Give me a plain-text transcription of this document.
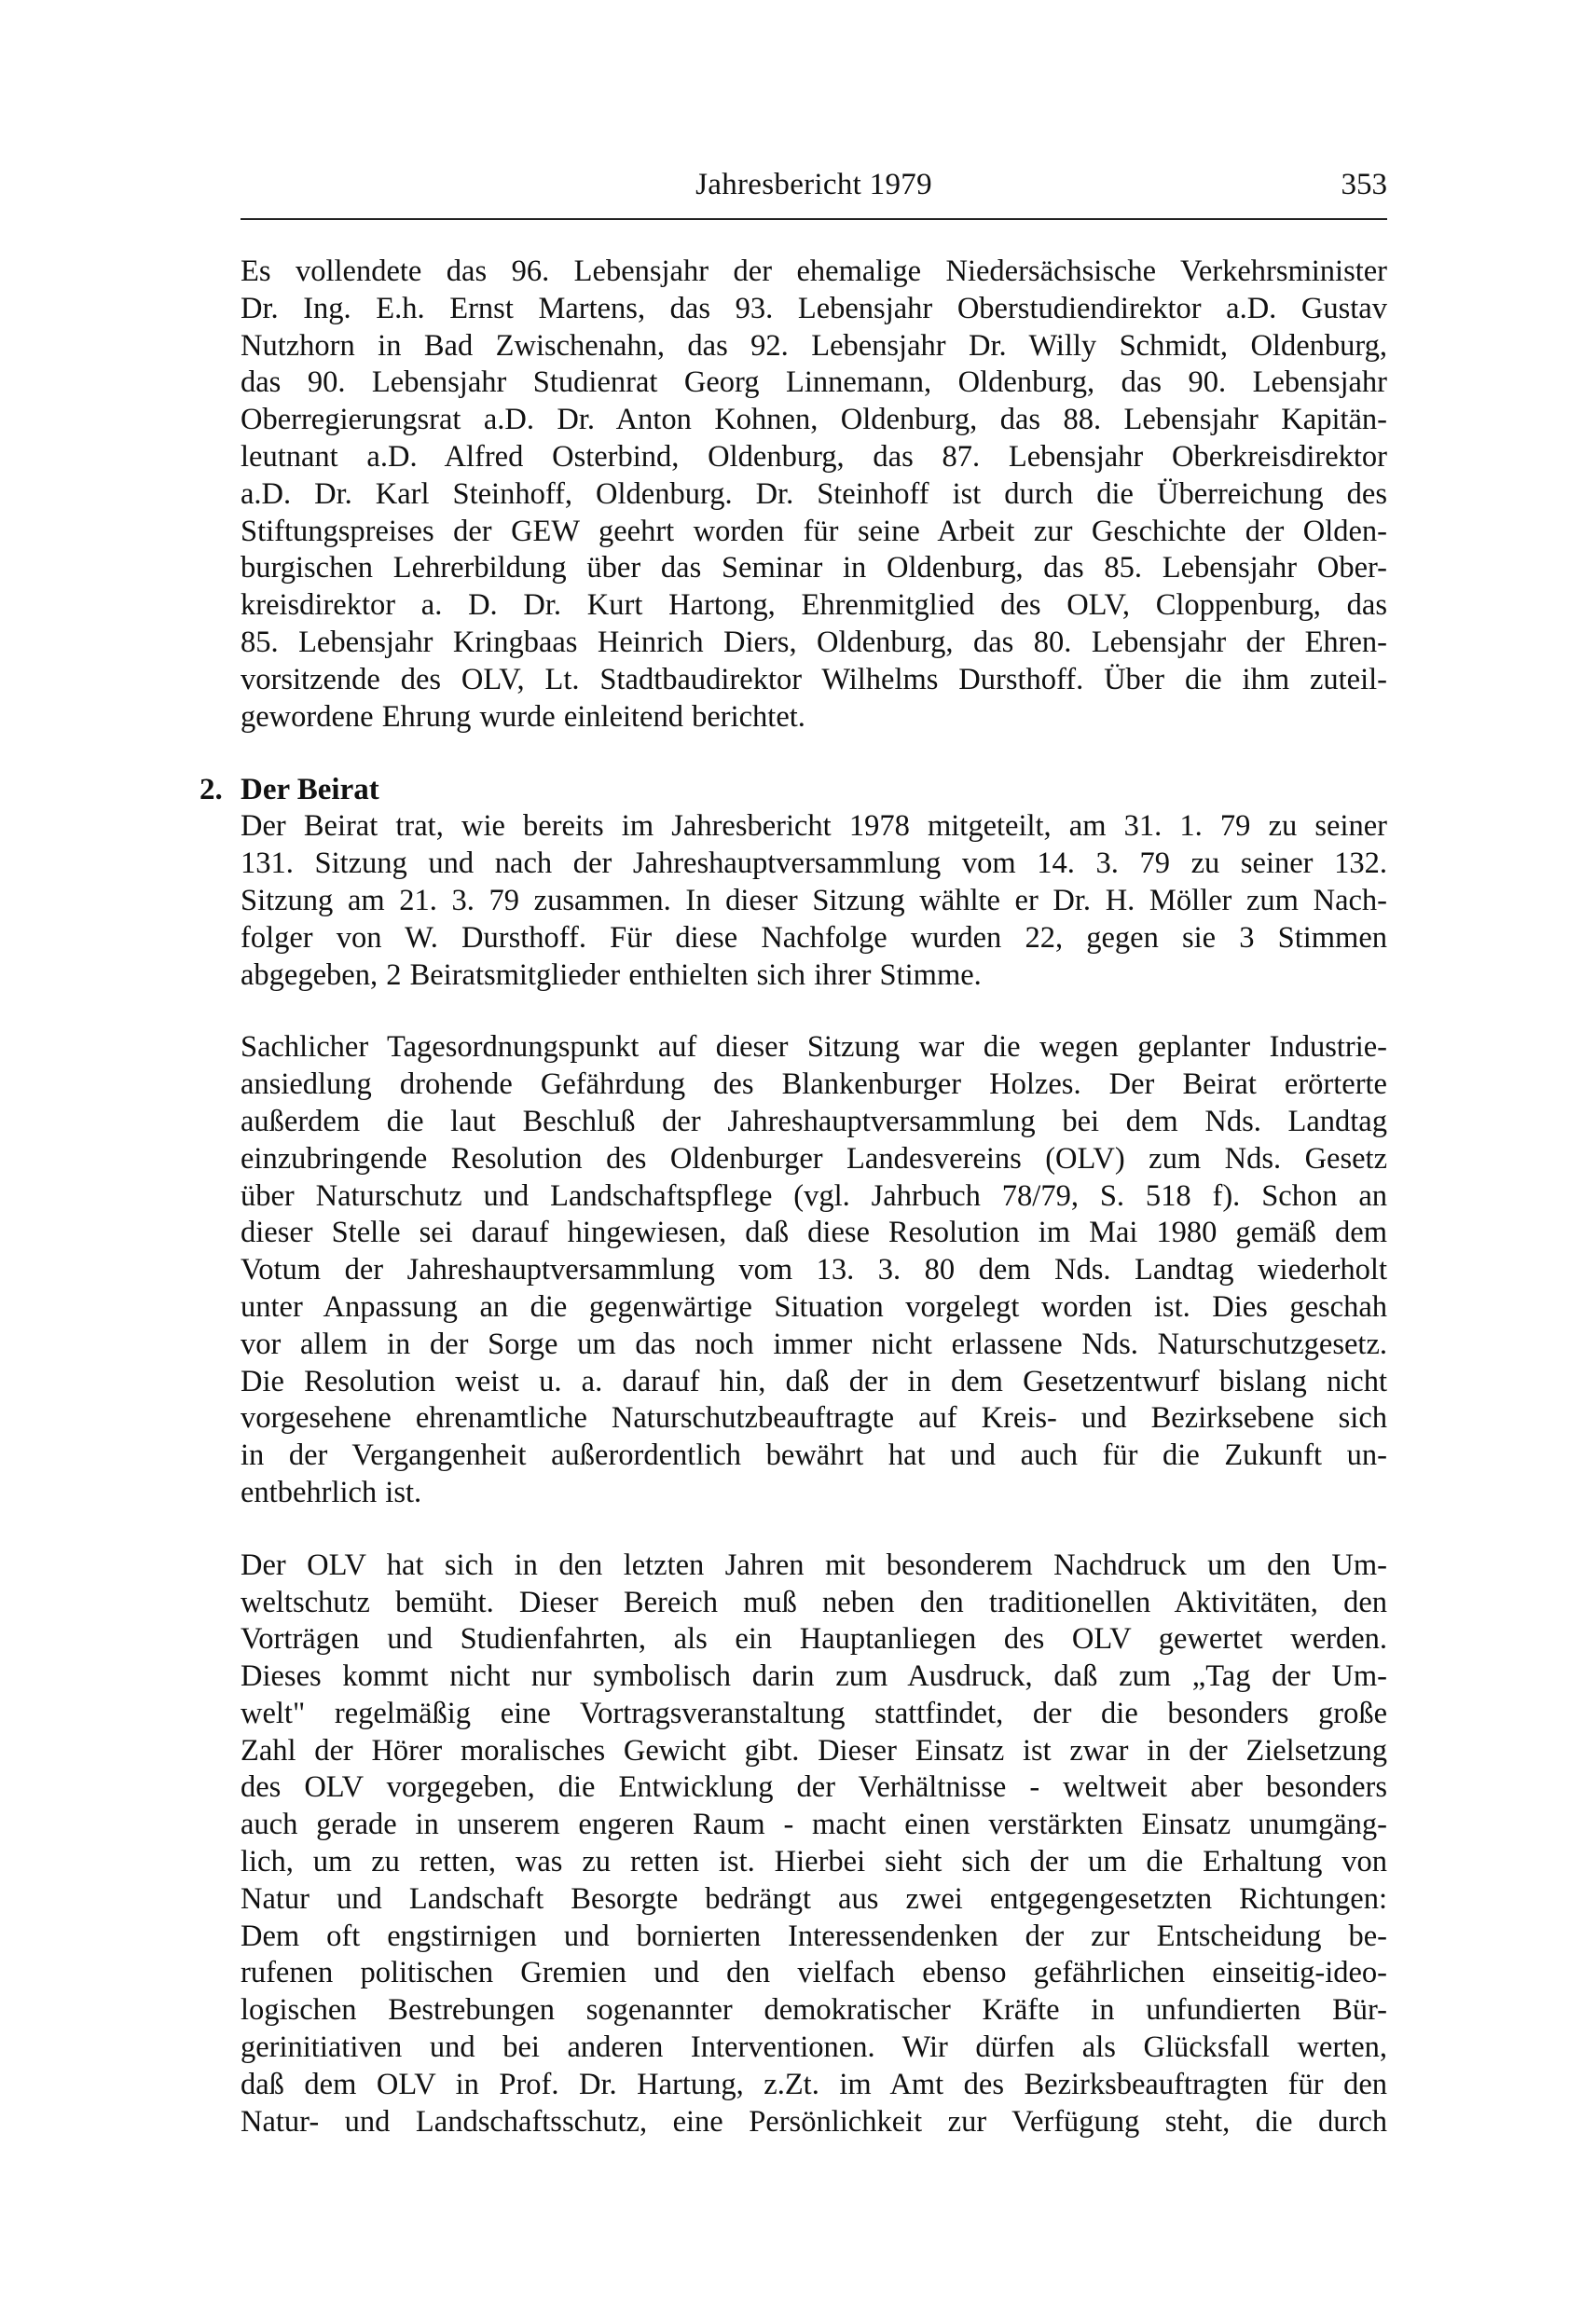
Jahresbericht 1979	353

Es vollendete das 96. Lebensjahr der ehemalige Niedersächsische Verkehrsminister
Dr. Ing. E.h. Ernst Martens, das 93. Lebensjahr Oberstudiendirektor a.D. Gustav
Nutzhorn in Bad Zwischenahn, das 92. Lebensjahr Dr. Willy Schmidt, Oldenburg,
das 90. Lebensjahr Studienrat Georg Linnemann, Oldenburg, das 90. Lebensjahr
Oberregierungsrat a.D. Dr. Anton Kohnen, Oldenburg, das 88. Lebensjahr Kapitän-
leutnant a.D. Alfred Osterbind, Oldenburg, das 87. Lebensjahr Oberkreisdirektor
a.D. Dr. Karl Steinhoff, Oldenburg. Dr. Steinhoff ist durch die Überreichung des
Stiftungspreises der GEW geehrt worden für seine Arbeit zur Geschichte der Olden-
burgischen Lehrerbildung über das Seminar in Oldenburg, das 85. Lebensjahr Ober-
kreisdirektor a. D. Dr. Kurt Hartong, Ehrenmitglied des OLV, Cloppenburg, das
85. Lebensjahr Kringbaas Heinrich Diers, Oldenburg, das 80. Lebensjahr der Ehren-
vorsitzende des OLV, Lt. Stadtbaudirektor Wilhelms Dursthoff. Über die ihm zuteil-
gewordene Ehrung wurde einleitend berichtet.

2. Der Beirat

Der Beirat trat, wie bereits im Jahresbericht 1978 mitgeteilt, am 31. 1. 79 zu seiner
131. Sitzung und nach der Jahreshauptversammlung vom 14. 3. 79 zu seiner 132.
Sitzung am 21. 3. 79 zusammen. In dieser Sitzung wählte er Dr. H. Möller zum Nach-
folger von W. Dursthoff. Für diese Nachfolge wurden 22, gegen sie 3 Stimmen
abgegeben, 2 Beiratsmitglieder enthielten sich ihrer Stimme.

Sachlicher Tagesordnungspunkt auf dieser Sitzung war die wegen geplanter Industrie-
ansiedlung drohende Gefährdung des Blankenburger Holzes. Der Beirat erörterte
außerdem die laut Beschluß der Jahreshauptversammlung bei dem Nds. Landtag
einzubringende Resolution des Oldenburger Landesvereins (OLV) zum Nds. Gesetz
über Naturschutz und Landschaftspflege (vgl. Jahrbuch 78/79, S. 518 f). Schon an
dieser Stelle sei darauf hingewiesen, daß diese Resolution im Mai 1980 gemäß dem
Votum der Jahreshauptversammlung vom 13. 3. 80 dem Nds. Landtag wiederholt
unter Anpassung an die gegenwärtige Situation vorgelegt worden ist. Dies geschah
vor allem in der Sorge um das noch immer nicht erlassene Nds. Naturschutzgesetz.
Die Resolution weist u. a. darauf hin, daß der in dem Gesetzentwurf bislang nicht
vorgesehene ehrenamtliche Naturschutzbeauftragte auf Kreis- und Bezirksebene sich
in der Vergangenheit außerordentlich bewährt hat und auch für die Zukunft un-
entbehrlich ist.

Der OLV hat sich in den letzten Jahren mit besonderem Nachdruck um den Um-
weltschutz bemüht. Dieser Bereich muß neben den traditionellen Aktivitäten, den
Vorträgen und Studienfahrten, als ein Hauptanliegen des OLV gewertet werden.
Dieses kommt nicht nur symbolisch darin zum Ausdruck, daß zum „Tag der Um-
welt" regelmäßig eine Vortragsveranstaltung stattfindet, der die besonders große
Zahl der Hörer moralisches Gewicht gibt. Dieser Einsatz ist zwar in der Zielsetzung
des OLV vorgegeben, die Entwicklung der Verhältnisse - weltweit aber besonders
auch gerade in unserem engeren Raum - macht einen verstärkten Einsatz unumgäng-
lich, um zu retten, was zu retten ist. Hierbei sieht sich der um die Erhaltung von
Natur und Landschaft Besorgte bedrängt aus zwei entgegengesetzten Richtungen:
Dem oft engstirnigen und bornierten Interessendenken der zur Entscheidung be-
rufenen politischen Gremien und den vielfach ebenso gefährlichen einseitig-ideo-
logischen Bestrebungen sogenannter demokratischer Kräfte in unfundierten Bür-
gerinitiativen und bei anderen Interventionen. Wir dürfen als Glücksfall werten,
daß dem OLV in Prof. Dr. Hartung, z.Zt. im Amt des Bezirksbeauftragten für den
Natur- und Landschaftsschutz, eine Persönlichkeit zur Verfügung steht, die durch
